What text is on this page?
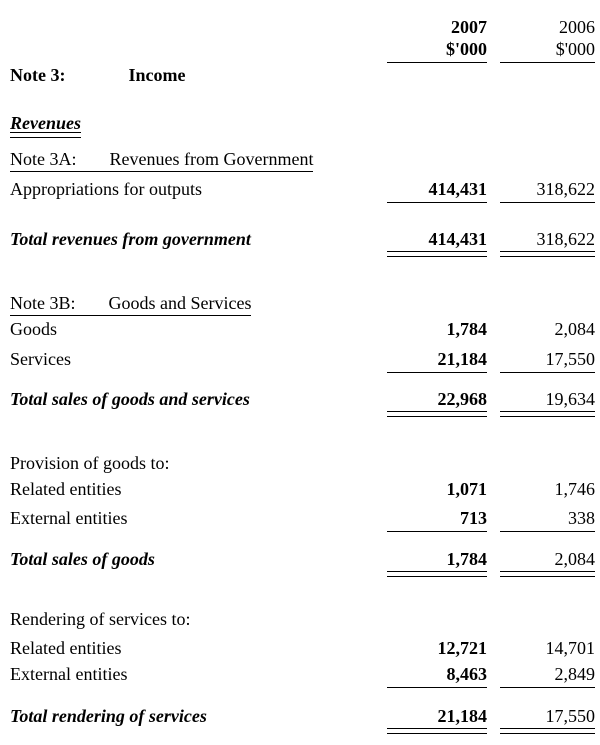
2007	2006
$'000	$'000
Note 3:	Income
Revenues
Note 3A: Revenues from Government
Appropriations for outputs	414,431	318,622
Total revenues from government	414,431	318,622
Note 3B: Goods and Services
Goods	1,784	2,084
Services	21,184	17,550
Total sales of goods and services	22,968	19,634
Provision of goods to:
Related entities	1,071	1,746
External entities	713	338
Total sales of goods	1,784	2,084
Rendering of services to:
Related entities	12,721	14,701
External entities	8,463	2,849
Total rendering of services	21,184	17,550
